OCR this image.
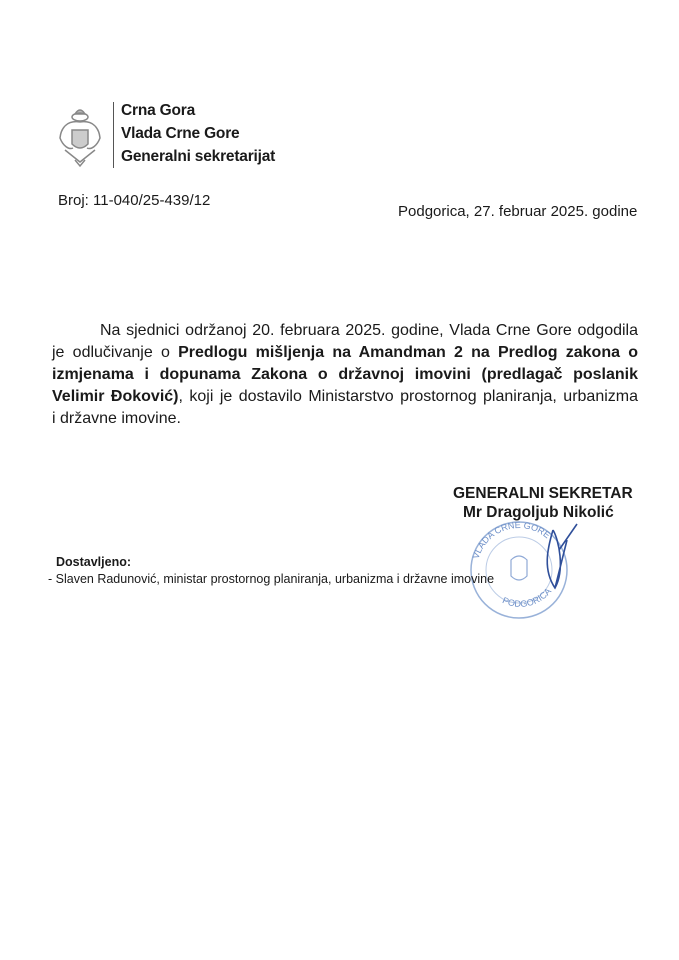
Crna Gora
Vlada Crne Gore
Generalni sekretarijat
Broj: 11-040/25-439/12
Podgorica, 27. februar 2025. godine
Na sjednici održanoj 20. februara 2025. godine, Vlada Crne Gore odgodila
je odlučivanje o Predlogu mišljenja na Amandman 2 na Predlog zakona o
izmjenama i dopunama Zakona o državnoj imovini (predlagač poslanik
Velimir Đoković), koji je dostavilo Ministarstvo prostornog planiranja, urbanizma
i državne imovine.
VLADA CRNE GORE
PODGORICA
GENERALNI SEKRETAR
Mr Dragoljub Nikolić
Dostavljeno:
- Slaven Radunović, ministar prostornog planiranja, urbanizma i državne imovine
